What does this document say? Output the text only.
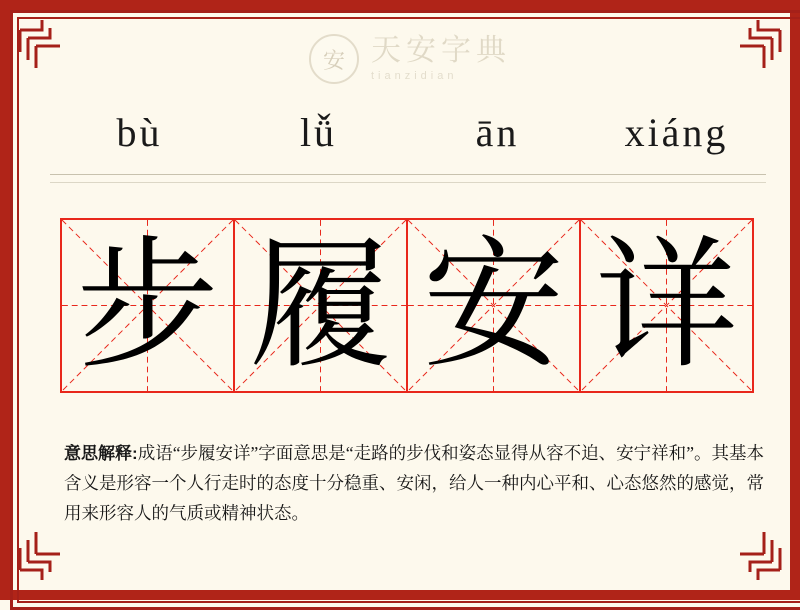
安 天安字典
tianzidian
bù	lǚ	ān	xiáng
步 履 安 详
意思解释:成语“步履安详”字面意思是“走路的步伐和姿态显得从容不迫、安宁祥和”。其基本含义是形容一个人行走时的态度十分稳重、安闲，给人一种内心平和、心态悠然的感觉，常用来形容人的气质或精神状态。
